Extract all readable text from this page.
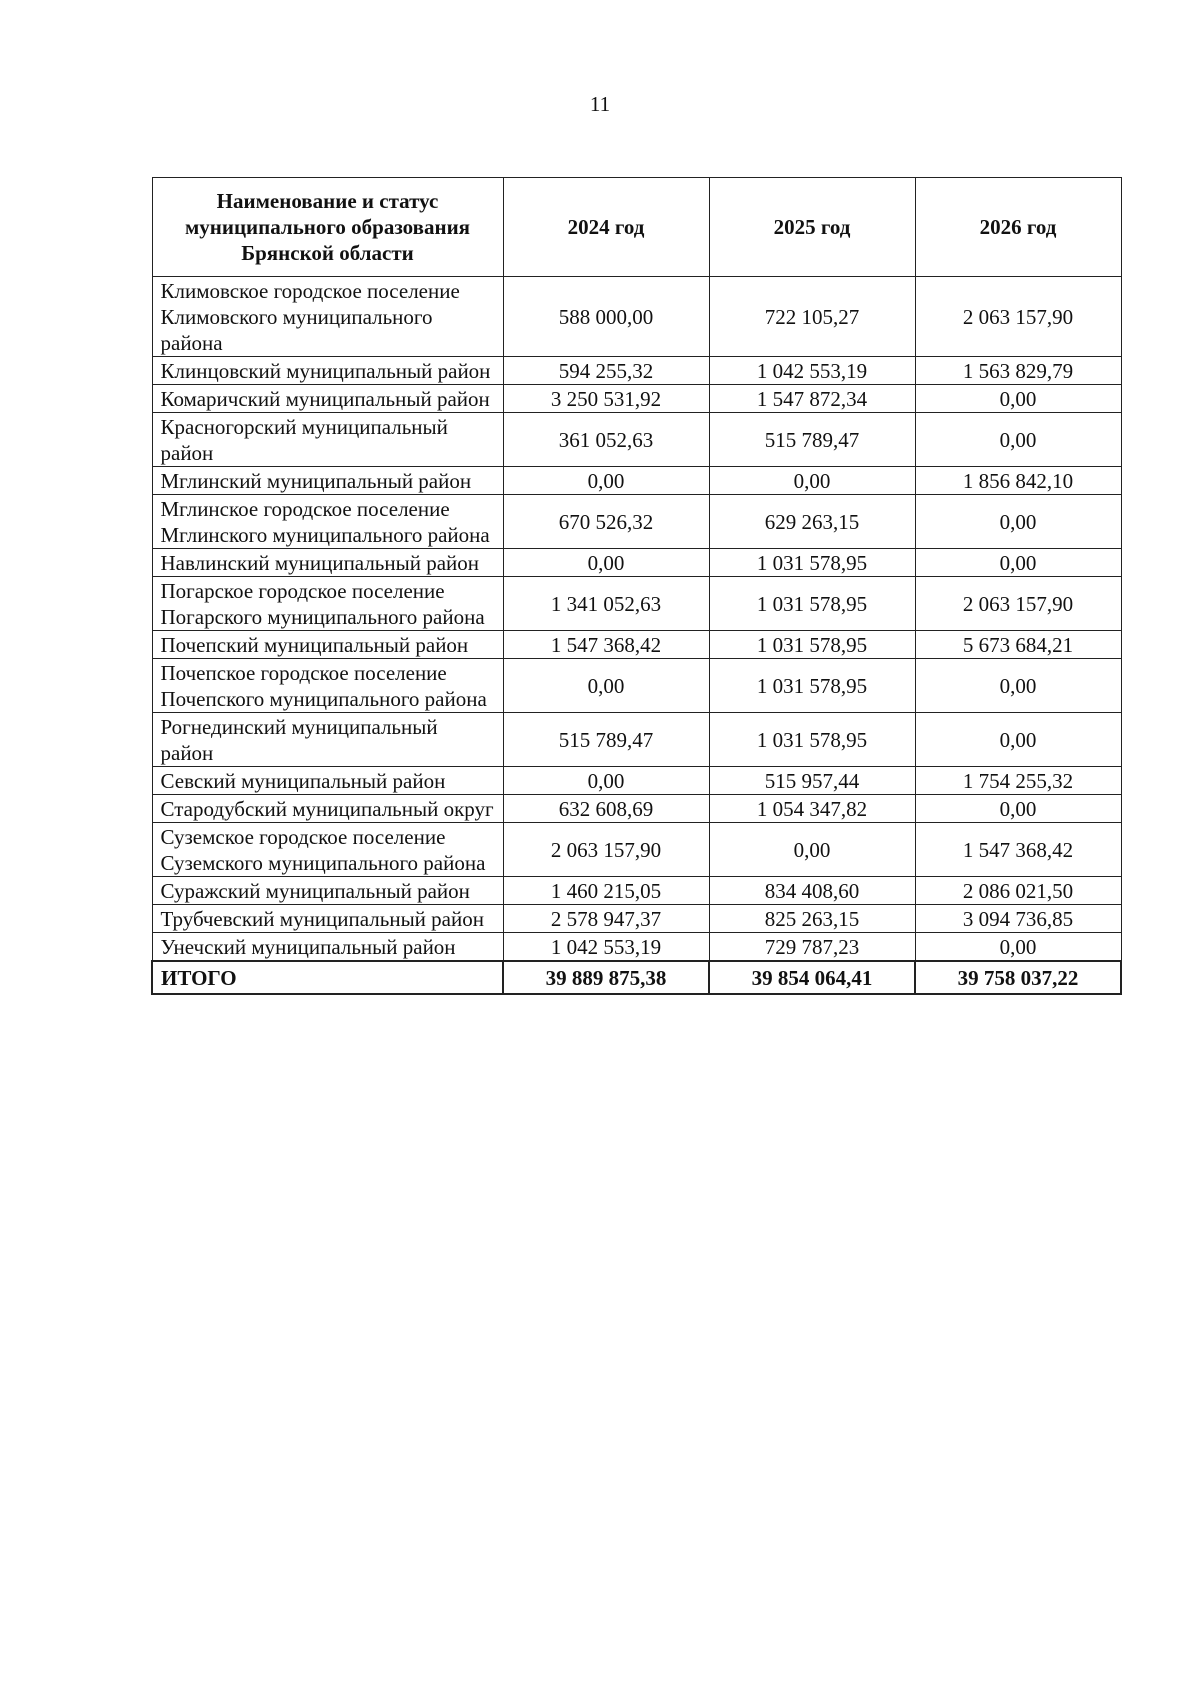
11
Наименование и статус муниципального образования Брянской области	2024 год	2025 год	2026 год
Климовское городское поселение Климовского муниципального района	588 000,00	722 105,27	2 063 157,90
Клинцовский муниципальный район	594 255,32	1 042 553,19	1 563 829,79
Комаричский муниципальный район	3 250 531,92	1 547 872,34	0,00
Красногорский муниципальный район	361 052,63	515 789,47	0,00
Мглинский муниципальный район	0,00	0,00	1 856 842,10
Мглинское городское поселение Мглинского муниципального района	670 526,32	629 263,15	0,00
Навлинский муниципальный район	0,00	1 031 578,95	0,00
Погарское городское поселение Погарского муниципального района	1 341 052,63	1 031 578,95	2 063 157,90
Почепский муниципальный район	1 547 368,42	1 031 578,95	5 673 684,21
Почепское городское поселение Почепского муниципального района	0,00	1 031 578,95	0,00
Рогнединский муниципальный район	515 789,47	1 031 578,95	0,00
Севский муниципальный район	0,00	515 957,44	1 754 255,32
Стародубский муниципальный округ	632 608,69	1 054 347,82	0,00
Суземское городское поселение Суземского муниципального района	2 063 157,90	0,00	1 547 368,42
Суражский муниципальный район	1 460 215,05	834 408,60	2 086 021,50
Трубчевский муниципальный район	2 578 947,37	825 263,15	3 094 736,85
Унечский муниципальный район	1 042 553,19	729 787,23	0,00
ИТОГО	39 889 875,38	39 854 064,41	39 758 037,22
